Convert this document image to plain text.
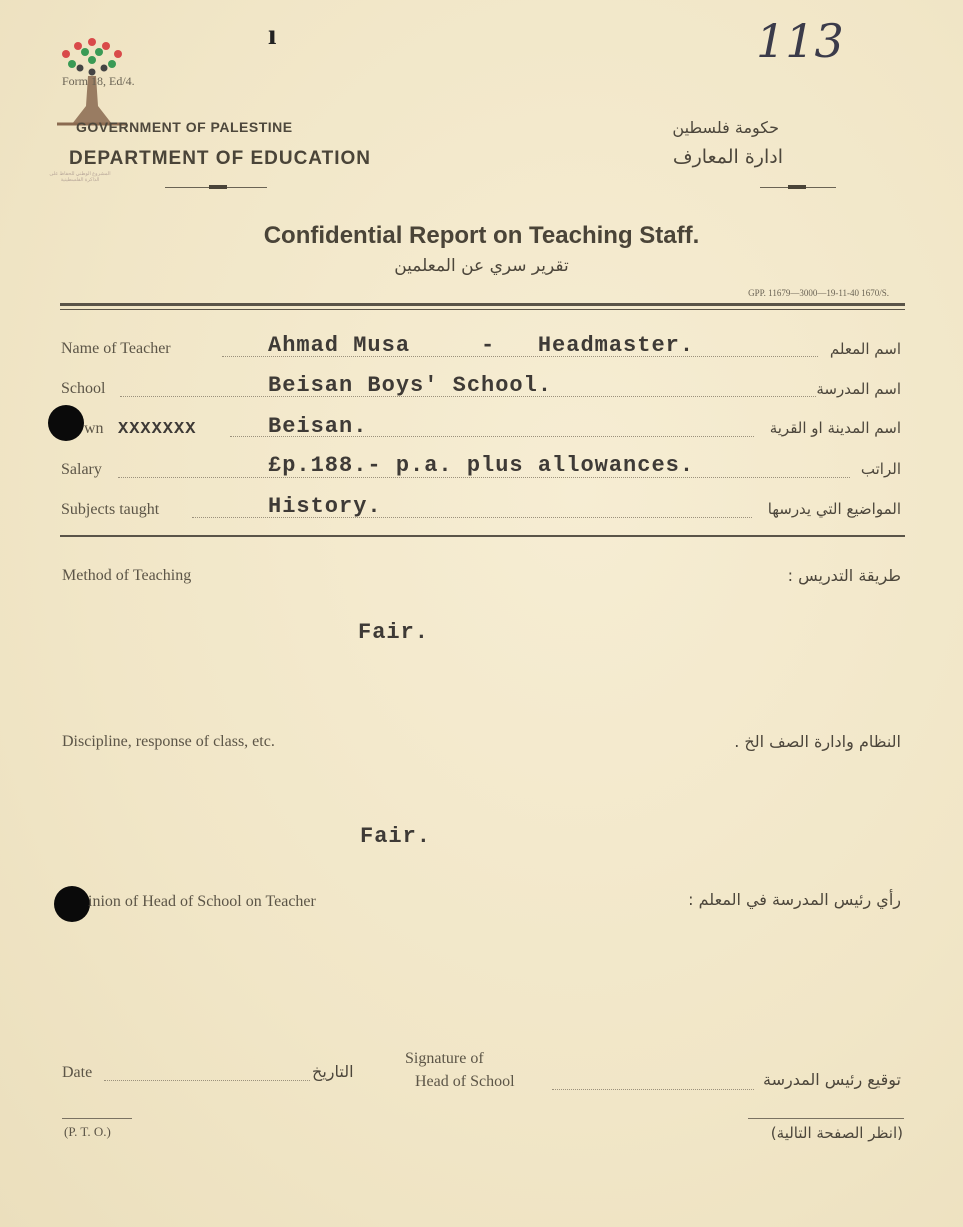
ı	113
المشروع الوطني للحفاظ على الذاكرة الفلسطينية
Form 18, Ed/4.
GOVERNMENT OF PALESTINE
DEPARTMENT OF EDUCATION
حكومة فلسطين
ادارة المعارف
Confidential Report on Teaching Staff.
تقرير سري عن المعلمين
GPP. 11679—3000—19-11-40 1670/S.
Name of Teacher	Ahmad Musa     -   Headmaster.	اسم المعلم
School	Beisan Boys' School.	اسم المدرسة
wn XXXXXXX	Beisan.	اسم المدينة او القرية
Salary	£p.188.- p.a. plus allowances.	الراتب
Subjects taught	History.	المواضيع التي يدرسها
Method of Teaching	طريقة التدريس :
Fair.
Discipline, response of class, etc.	النظام وادارة الصف الخ .
Fair.
inion of Head of School on Teacher	رأي رئيس المدرسة في المعلم :
Date	التاريخ
Signature of
Head of School	توقيع رئيس المدرسة
(P. T. O.)	(انظر الصفحة التالية)
